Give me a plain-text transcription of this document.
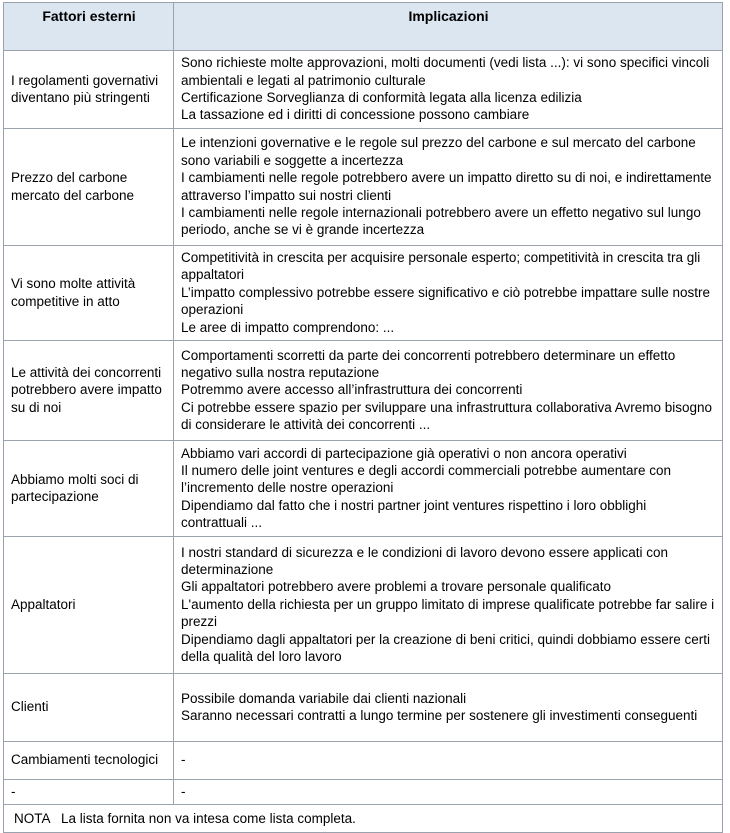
Fattori esterni	Implicazioni
I regolamenti governativi diventano più stringenti	Sono richieste molte approvazioni, molti documenti (vedi lista ...): vi sono specifici vincoli ambientali e legati al patrimonio culturale
Certificazione Sorveglianza di conformità legata alla licenza edilizia
La tassazione ed i diritti di concessione possono cambiare

Prezzo del carbone mercato del carbone	Le intenzioni governative e le regole sul prezzo del carbone e sul mercato del carbone sono variabili e soggette a incertezza
I cambiamenti nelle regole potrebbero avere un impatto diretto su di noi, e indirettamente attraverso l’impatto sui nostri clienti
I cambiamenti nelle regole internazionali potrebbero avere un effetto negativo sul lungo periodo, anche se vi è grande incertezza

Vi sono molte attività competitive in atto	Competitività in crescita per acquisire personale esperto; competitività in crescita tra gli appaltatori
L’impatto complessivo potrebbe essere significativo e ciò potrebbe impattare sulle nostre operazioni
Le aree di impatto comprendono: ...

Le attività dei concorrenti potrebbero avere impatto su di noi	Comportamenti scorretti da parte dei concorrenti potrebbero determinare un effetto negativo sulla nostra reputazione
Potremmo avere accesso all’infrastruttura dei concorrenti
Ci potrebbe essere spazio per sviluppare una infrastruttura collaborativa Avremo bisogno di considerare le attività dei concorrenti ...

Abbiamo molti soci di partecipazione	Abbiamo vari accordi di partecipazione già operativi o non ancora operativi
Il numero delle joint ventures e degli accordi commerciali potrebbe aumentare con l’incremento delle nostre operazioni
Dipendiamo dal fatto che i nostri partner joint ventures rispettino i loro obblighi contrattuali ...

Appaltatori	I nostri standard di sicurezza e le condizioni di lavoro devono essere applicati con determinazione
Gli appaltatori potrebbero avere problemi a trovare personale qualificato
L'aumento della richiesta per un gruppo limitato di imprese qualificate potrebbe far salire i prezzi
Dipendiamo dagli appaltatori per la creazione di beni critici, quindi dobbiamo essere certi della qualità del loro lavoro

Clienti	Possibile domanda variabile dai clienti nazionali
Saranno necessari contratti a lungo termine per sostenere gli investimenti conseguenti

Cambiamenti tecnologici	-

-	-

NOTA   La lista fornita non va intesa come lista completa.	
